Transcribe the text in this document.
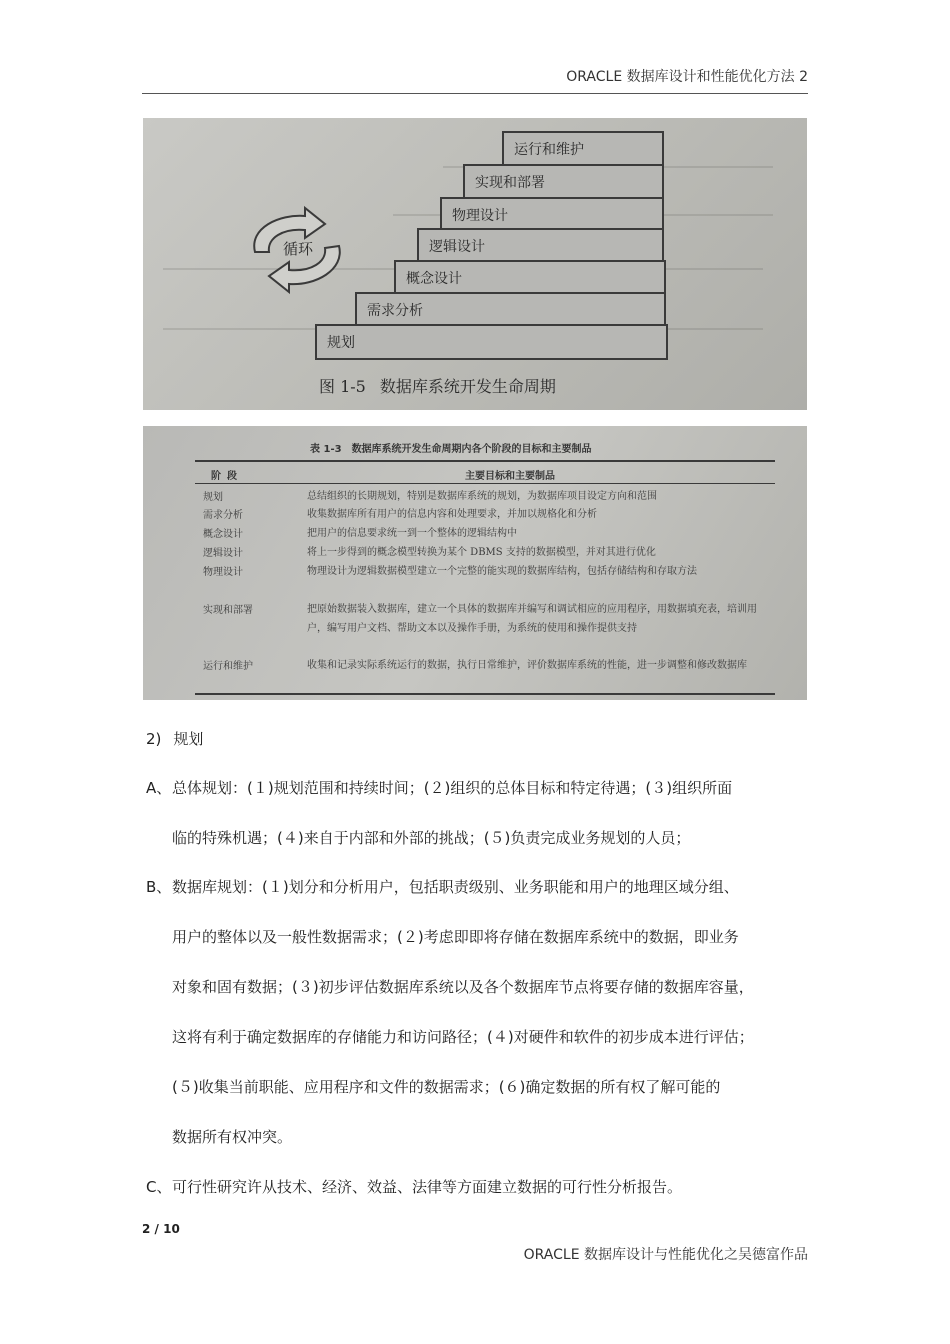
ORACLE 数据库设计和性能优化方法 2
运行和维护
实现和部署
物理设计
逻辑设计
概念设计
需求分析
规划
循环
图 1-5 数据库系统开发生命周期
表 1-3 数据库系统开发生命周期内各个阶段的目标和主要制品
阶段	主要目标和主要制品
规划	总结组织的长期规划，特别是数据库系统的规划，为数据库项目设定方向和范围
需求分析	收集数据库所有用户的信息内容和处理要求，并加以规格化和分析
概念设计	把用户的信息要求统一到一个整体的逻辑结构中
逻辑设计	将上一步得到的概念模型转换为某个 DBMS 支持的数据模型，并对其进行优化
物理设计	物理设计为逻辑数据模型建立一个完整的能实现的数据库结构，包括存储结构和存取方法
实现和部署	把原始数据装入数据库，建立一个具体的数据库并编写和调试相应的应用程序，用数据填充表，培训用户，编写用户文档、帮助文本以及操作手册，为系统的使用和操作提供支持
运行和维护	收集和记录实际系统运行的数据，执行日常维护，评价数据库系统的性能，进一步调整和修改数据库
2) 规划
A、总体规划：(１)规划范围和持续时间；(２)组织的总体目标和特定待遇；(３)组织所面
临的特殊机遇；(４)来自于内部和外部的挑战；(５)负责完成业务规划的人员；
B、数据库规划：(１)划分和分析用户，包括职责级别、业务职能和用户的地理区域分组、
用户的整体以及一般性数据需求；(２)考虑即即将存储在数据库系统中的数据，即业务
对象和固有数据；(３)初步评估数据库系统以及各个数据库节点将要存储的数据库容量，
这将有利于确定数据库的存储能力和访问路径；(４)对硬件和软件的初步成本进行评估；
(５)收集当前职能、应用程序和文件的数据需求；(６)确定数据的所有权了解可能的
数据所有权冲突。
C、可行性研究许从技术、经济、效益、法律等方面建立数据的可行性分析报告。
2 / 10
ORACLE 数据库设计与性能优化之吴德富作品
